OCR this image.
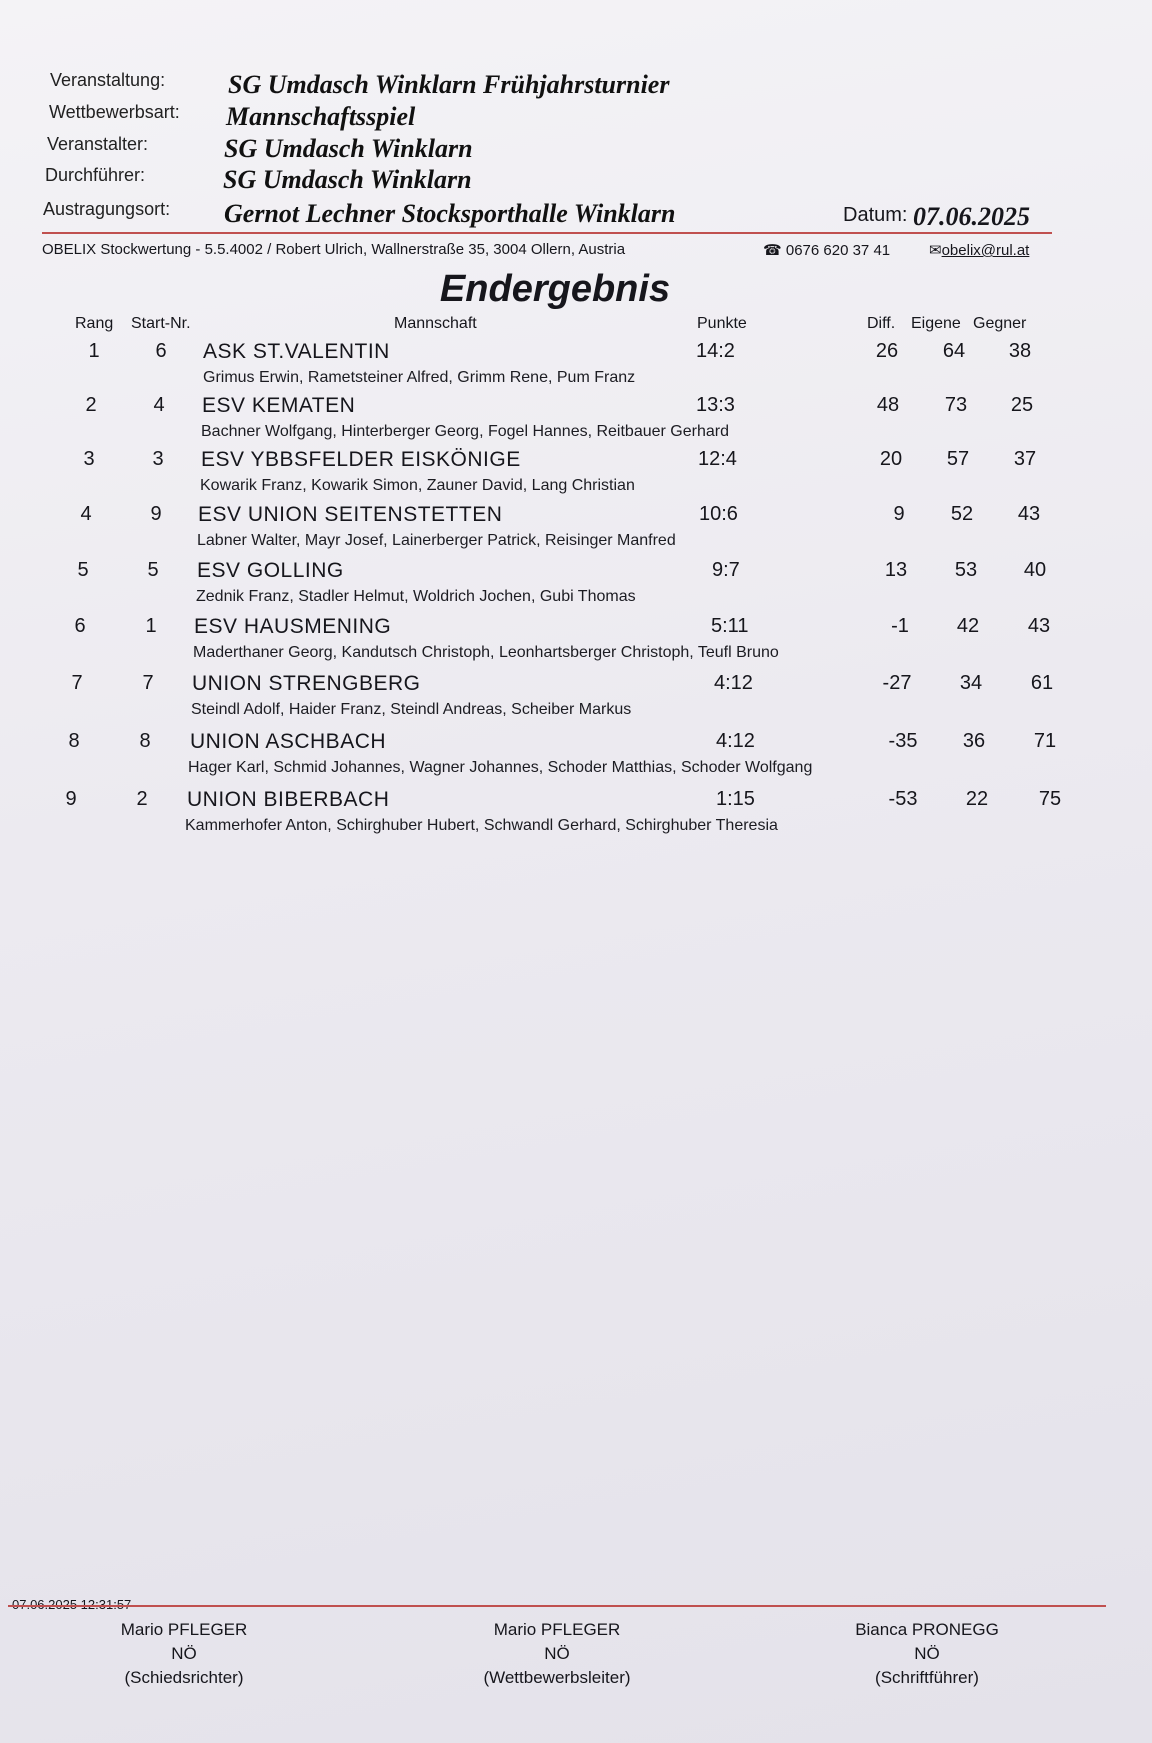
Veranstaltung: SG Umdasch Winklarn Frühjahrsturnier
Wettbewerbsart: Mannschaftsspiel
Veranstalter:	SG Umdasch Winklarn
Durchführer:	SG Umdasch Winklarn
Austragungsort: Gernot Lechner Stocksporthalle Winklarn	Datum: 07.06.2025
OBELIX Stockwertung - 5.5.4002 / Robert Ulrich, Wallnerstraße 35, 3004 Ollern, Austria	☎ 0676 620 37 41	✉obelix@rul.at
Endergebnis
Rang Start-Nr.	Mannschaft	Punkte	Diff. Eigene Gegner
1	6	ASK ST.VALENTIN	14:2	26	64	38
Grimus Erwin, Rametsteiner Alfred, Grimm Rene, Pum Franz
2	4	ESV KEMATEN	13:3	48	73	25
Bachner Wolfgang, Hinterberger Georg, Fogel Hannes, Reitbauer Gerhard
3	3	ESV YBBSFELDER EISKÖNIGE	12:4	20	57	37
Kowarik Franz, Kowarik Simon, Zauner David, Lang Christian
4	9	ESV UNION SEITENSTETTEN	10:6	9	52	43
Labner Walter, Mayr Josef, Lainerberger Patrick, Reisinger Manfred
5	5	ESV GOLLING	9:7	13	53	40
Zednik Franz, Stadler Helmut, Woldrich Jochen, Gubi Thomas
6	1	ESV HAUSMENING	5:11	-1	42	43
Maderthaner Georg, Kandutsch Christoph, Leonhartsberger Christoph, Teufl Bruno
7	7	UNION STRENGBERG	4:12	-27	34	61
Steindl Adolf, Haider Franz, Steindl Andreas, Scheiber Markus
8	8	UNION ASCHBACH	4:12	-35	36	71
Hager Karl, Schmid Johannes, Wagner Johannes, Schoder Matthias, Schoder Wolfgang
9	2	UNION BIBERBACH	1:15	-53	22	75
Kammerhofer Anton, Schirghuber Hubert, Schwandl Gerhard, Schirghuber Theresia
Mario PFLEGER
NÖ
(Schiedsrichter)
Mario PFLEGER
NÖ
(Wettbewerbsleiter)
Bianca PRONEGG
NÖ
(Schriftführer)
